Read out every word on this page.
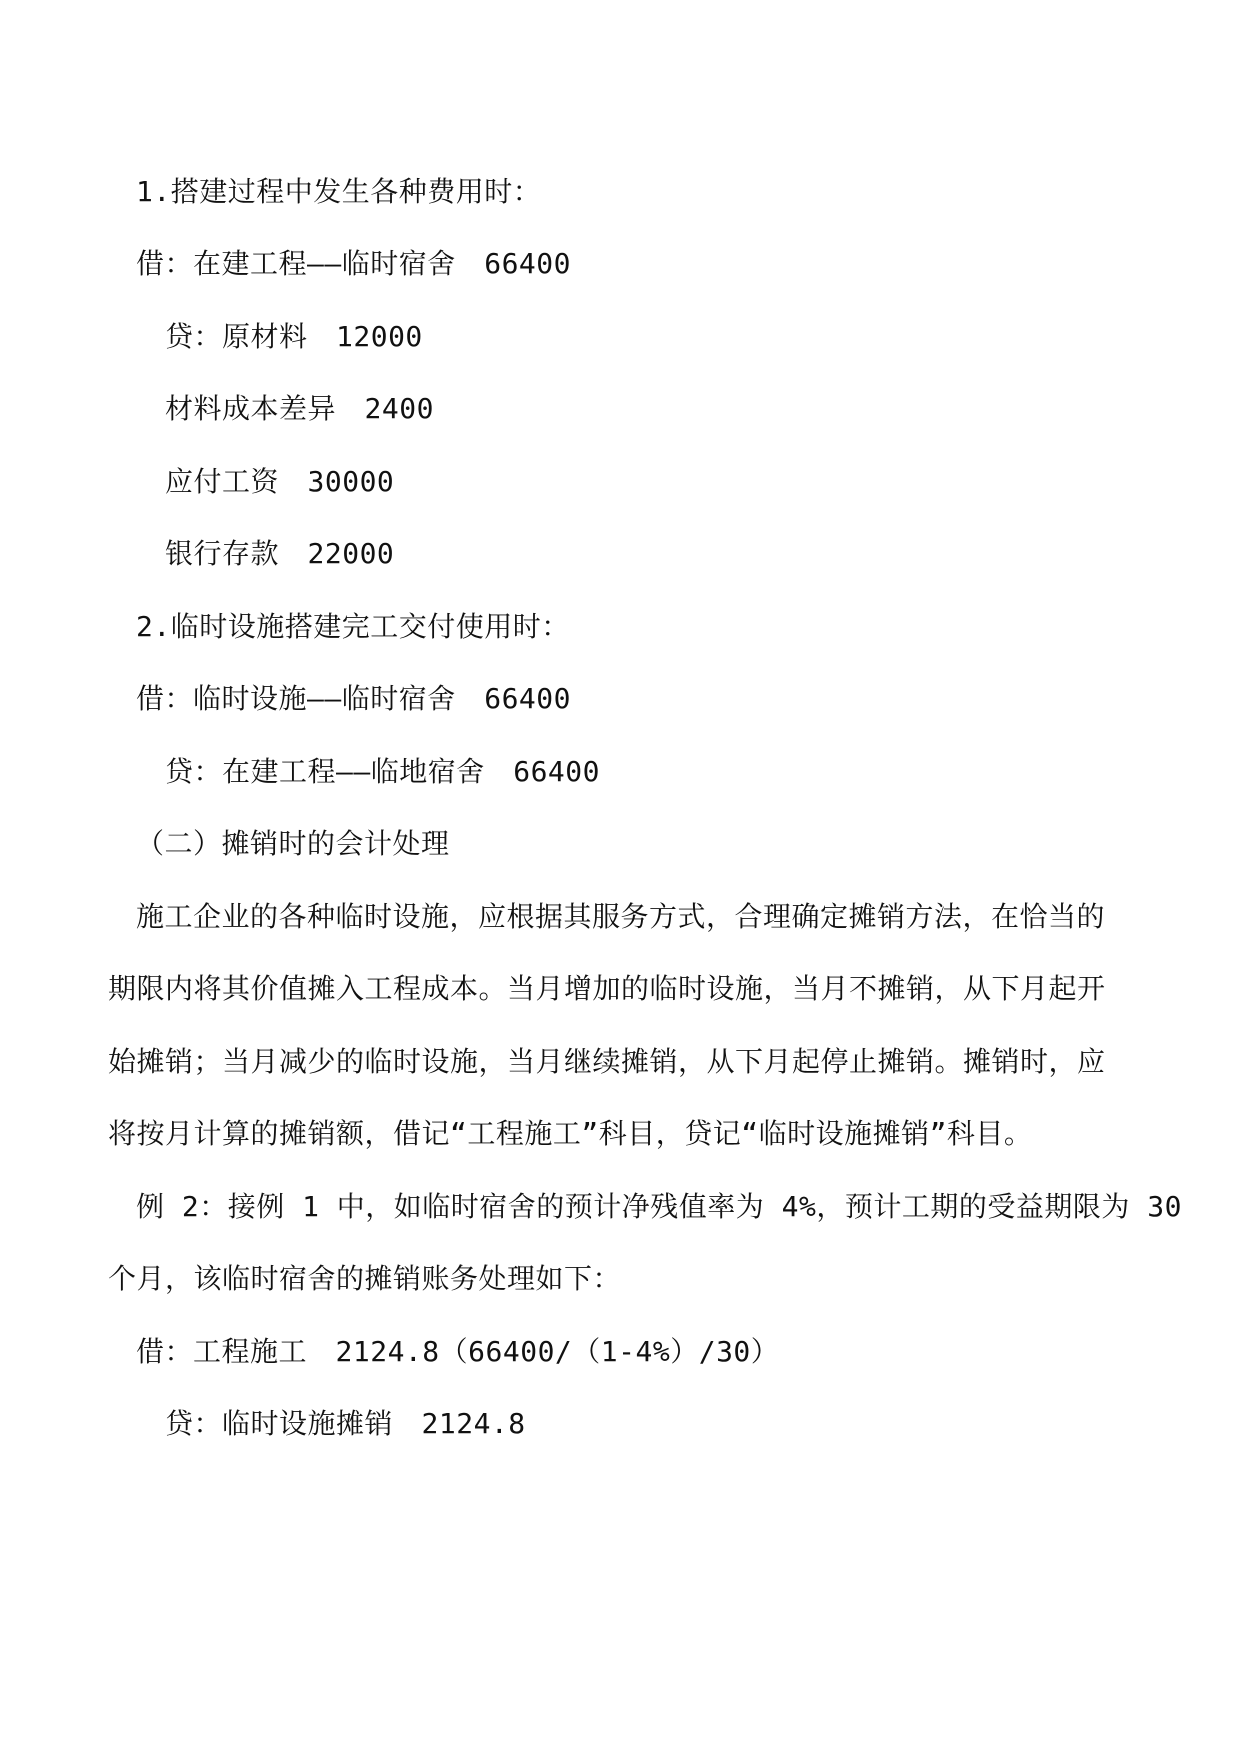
1.搭建过程中发生各种费用时：
借：在建工程——临时宿舍　66400
贷：原材料　12000
材料成本差异　2400
应付工资　30000
银行存款　22000
2.临时设施搭建完工交付使用时：
借：临时设施——临时宿舍　66400
贷：在建工程——临地宿舍　66400
（二）摊销时的会计处理
施工企业的各种临时设施，应根据其服务方式，合理确定摊销方法，在恰当的
期限内将其价值摊入工程成本。当月增加的临时设施，当月不摊销，从下月起开
始摊销；当月减少的临时设施，当月继续摊销，从下月起停止摊销。摊销时，应
将按月计算的摊销额，借记“工程施工”科目，贷记“临时设施摊销”科目。
例 2：接例 1 中，如临时宿舍的预计净残值率为 4%，预计工期的受益期限为 30
个月，该临时宿舍的摊销账务处理如下：
借：工程施工　2124.8（66400/（1-4%）/30）
贷：临时设施摊销　2124.8
